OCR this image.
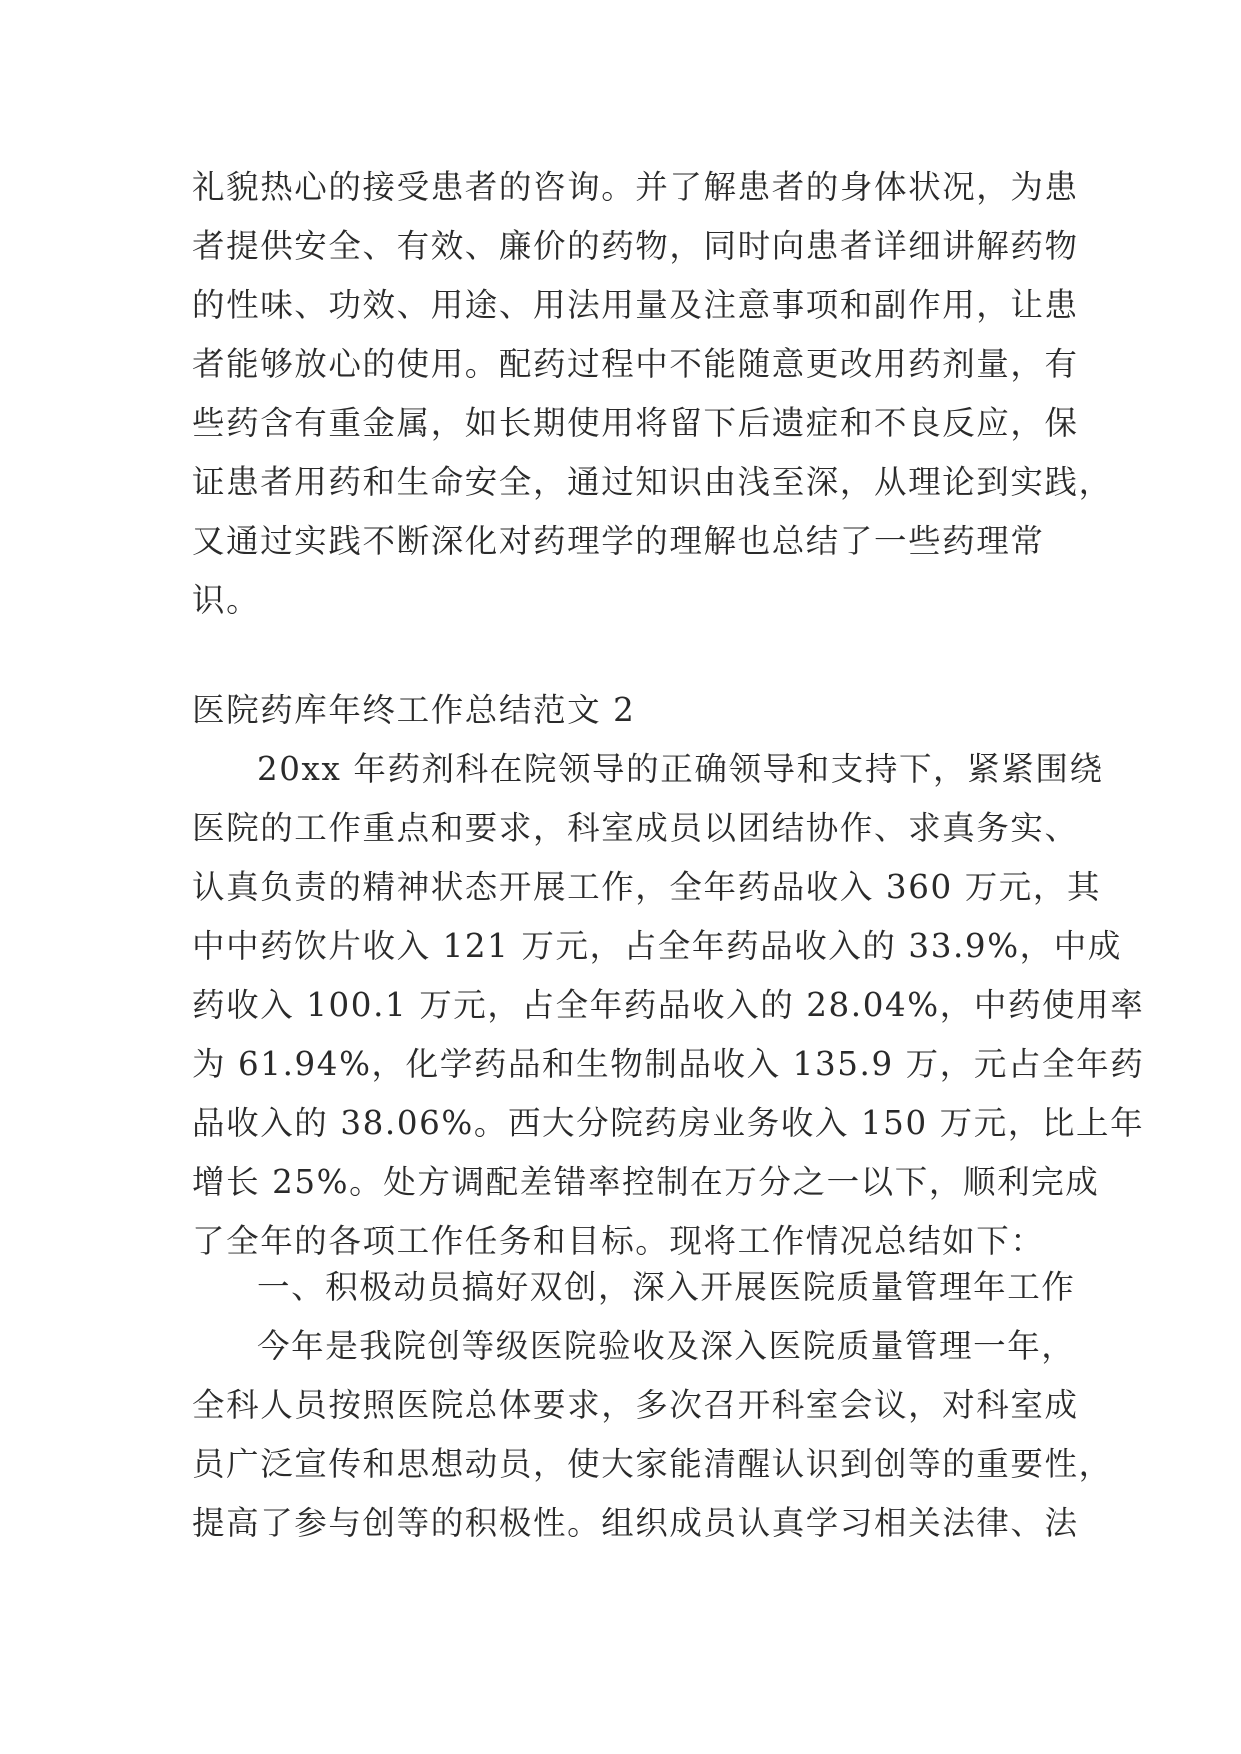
礼貌热心的接受患者的咨询。并了解患者的身体状况，为患
者提供安全、有效、廉价的药物，同时向患者详细讲解药物
的性味、功效、用途、用法用量及注意事项和副作用，让患
者能够放心的使用。配药过程中不能随意更改用药剂量，有
些药含有重金属，如长期使用将留下后遗症和不良反应，保
证患者用药和生命安全，通过知识由浅至深，从理论到实践，
又通过实践不断深化对药理学的理解也总结了一些药理常
识。
医院药库年终工作总结范文 2
20xx 年药剂科在院领导的正确领导和支持下，紧紧围绕
医院的工作重点和要求，科室成员以团结协作、求真务实、
认真负责的精神状态开展工作，全年药品收入 360 万元，其
中中药饮片收入 121 万元，占全年药品收入的 33.9%，中成
药收入 100.1 万元，占全年药品收入的 28.04%，中药使用率
为 61.94%，化学药品和生物制品收入 135.9 万，元占全年药
品收入的 38.06%。西大分院药房业务收入 150 万元，比上年
增长 25%。处方调配差错率控制在万分之一以下，顺利完成
了全年的各项工作任务和目标。现将工作情况总结如下：
一、积极动员搞好双创，深入开展医院质量管理年工作
今年是我院创等级医院验收及深入医院质量管理一年，
全科人员按照医院总体要求，多次召开科室会议，对科室成
员广泛宣传和思想动员，使大家能清醒认识到创等的重要性，
提高了参与创等的积极性。组织成员认真学习相关法律、法
